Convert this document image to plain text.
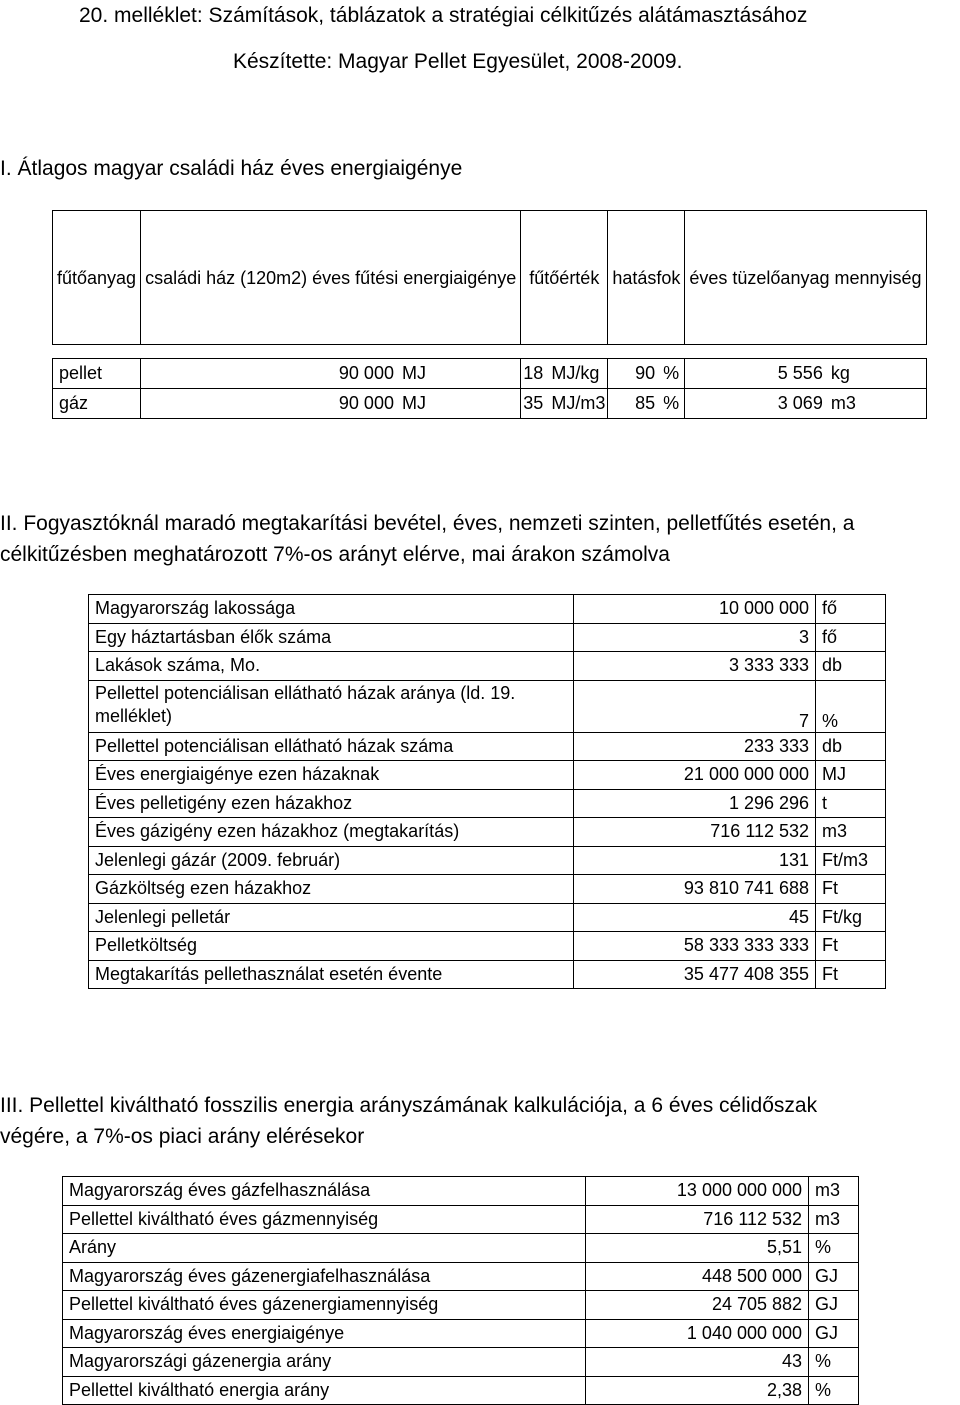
20. melléklet: Számítások, táblázatok a stratégiai célkitűzés alátámasztásához
Készítette: Magyar Pellet Egyesület, 2008-2009.
I. Átlagos magyar családi ház éves energiaigénye
fűtőanyag	családi ház (120m2) éves fűtési energiaigénye		fűtőérték		hatásfok		éves tüzelőanyag mennyiség	

pellet	90 000	MJ	18	MJ/kg	90	%	5 556	kg
gáz	90 000	MJ	35	MJ/m3	85	%	3 069	m3
II. Fogyasztóknál maradó megtakarítási bevétel, éves, nemzeti szinten, pelletfűtés esetén, a
célkitűzésben meghatározott 7%-os arányt elérve, mai árakon számolva
Magyarország lakossága	10 000 000	fő
Egy háztartásban élők száma	3	fő
Lakások száma, Mo.	3 333 333	db
Pellettel potenciálisan ellátható házak aránya (ld. 19. melléklet)	7	%
Pellettel potenciálisan ellátható házak száma	233 333	db
Éves energiaigénye ezen házaknak	21 000 000 000	MJ
Éves pelletigény ezen házakhoz	1 296 296	t
Éves gázigény ezen házakhoz (megtakarítás)	716 112 532	m3
Jelenlegi gázár (2009. február)	131	Ft/m3
Gázköltség ezen házakhoz	93 810 741 688	Ft
Jelenlegi pelletár	45	Ft/kg
Pelletköltség	58 333 333 333	Ft
Megtakarítás pellethasználat esetén évente	35 477 408 355	Ft
III. Pellettel kiváltható fosszilis energia arányszámának kalkulációja, a 6 éves célidőszak
végére, a 7%-os piaci arány elérésekor
Magyarország éves gázfelhasználása	13 000 000 000	m3
Pellettel kiváltható éves gázmennyiség	716 112 532	m3
Arány	5,51	%
Magyarország éves gázenergiafelhasználása	448 500 000	GJ
Pellettel kiváltható éves gázenergiamennyiség	24 705 882	GJ
Magyarország éves energiaigénye	1 040 000 000	GJ
Magyarországi gázenergia arány	43	%
Pellettel kiváltható energia arány	2,38	%
